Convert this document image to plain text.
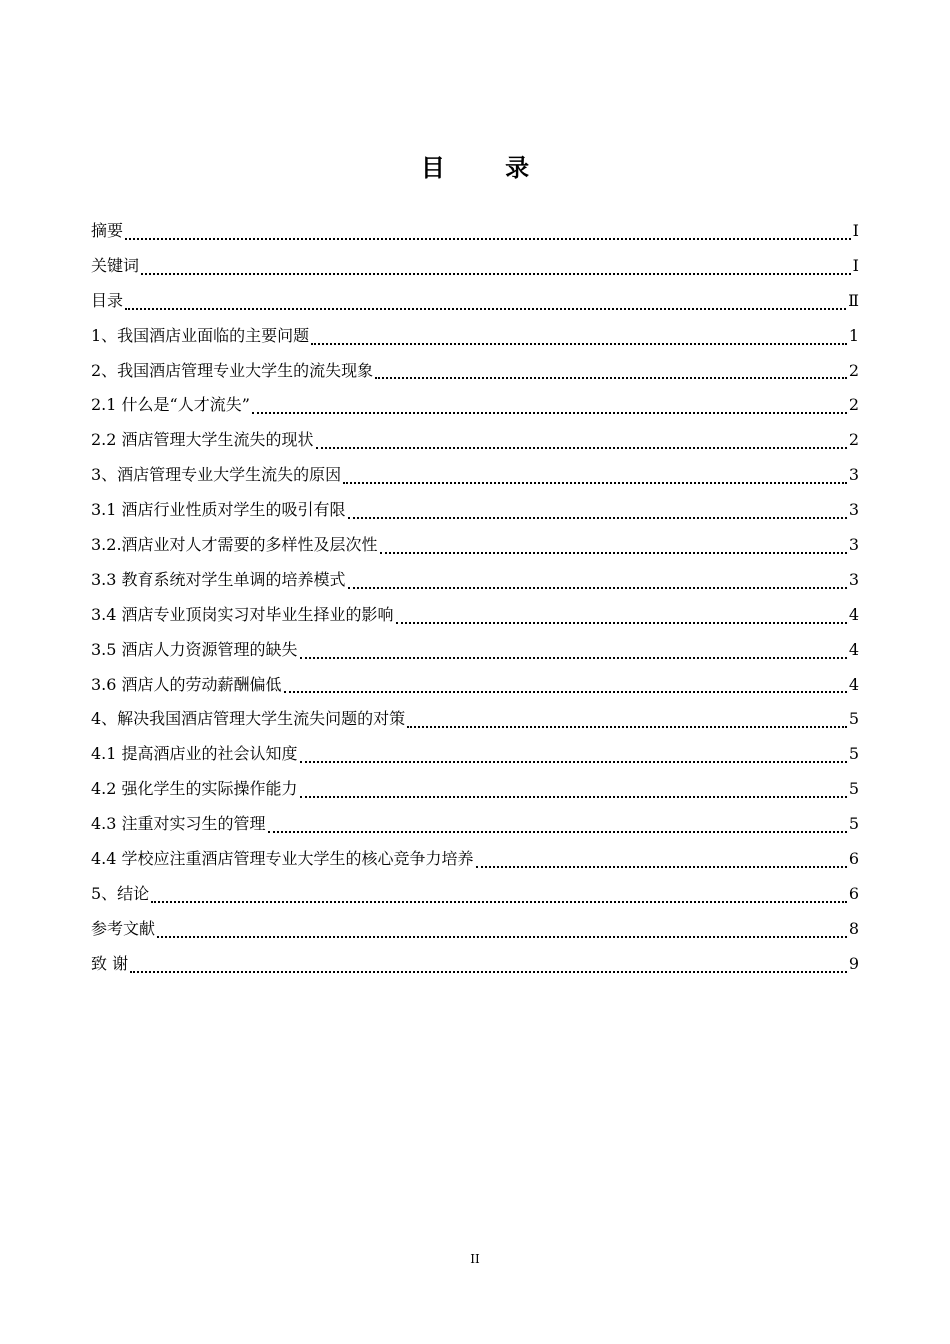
目 录
摘要	Ⅰ
关键词	Ⅰ
目录	Ⅱ
1、我国酒店业面临的主要问题	1
2、我国酒店管理专业大学生的流失现象	2
2.1 什么是“人才流失”	2
2.2 酒店管理大学生流失的现状	2
3、酒店管理专业大学生流失的原因	3
3.1 酒店行业性质对学生的吸引有限	3
3.2.酒店业对人才需要的多样性及层次性	3
3.3 教育系统对学生单调的培养模式	3
3.4 酒店专业顶岗实习对毕业生择业的影响	4
3.5 酒店人力资源管理的缺失	4
3.6 酒店人的劳动薪酬偏低	4
4、解决我国酒店管理大学生流失问题的对策	5
4.1 提高酒店业的社会认知度	5
4.2 强化学生的实际操作能力	5
4.3 注重对实习生的管理	5
4.4 学校应注重酒店管理专业大学生的核心竞争力培养	6
5、结论	6
参考文献	8
致 谢	9
II
